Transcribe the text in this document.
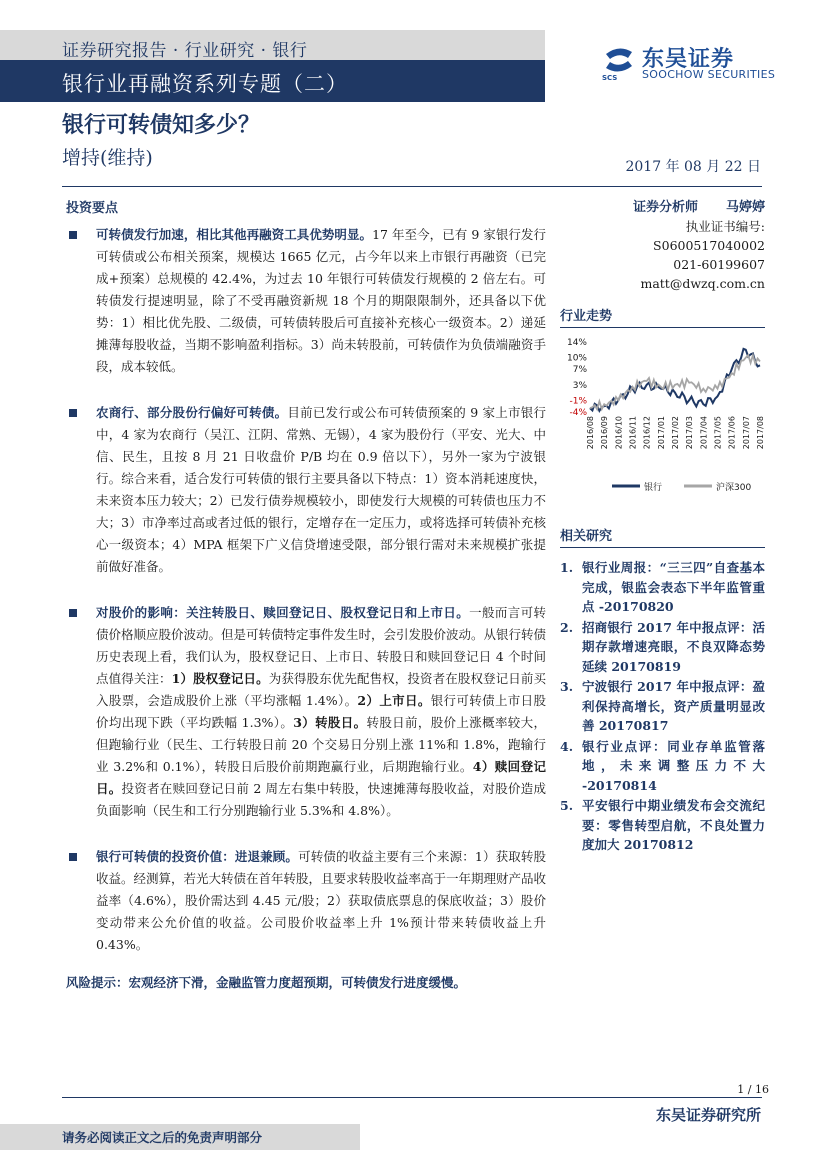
证券研究报告 · 行业研究 · 银行
银行业再融资系列专题（二）
东吴证券
SOOCHOW SECURITIES
SCS
银行可转债知多少？
增持(维持)	2017 年 08 月 22 日
投资要点
可转债发行加速，相比其他再融资工具优势明显。17 年至今，已有 9 家银行发行可转债或公布相关预案，规模达 1665 亿元，占今年以来上市银行再融资（已完成+预案）总规模的 42.4%，为过去 10 年银行可转债发行规模的 2 倍左右。可转债发行提速明显，除了不受再融资新规 18 个月的期限限制外，还具备以下优势：1）相比优先股、二级债，可转债转股后可直接补充核心一级资本。2）递延摊薄每股收益，当期不影响盈利指标。3）尚未转股前，可转债作为负债端融资手段，成本较低。
农商行、部分股份行偏好可转债。目前已发行或公布可转债预案的 9 家上市银行中，4 家为农商行（吴江、江阴、常熟、无锡），4 家为股份行（平安、光大、中信、民生，且按 8 月 21 日收盘价 P/B 均在 0.9 倍以下），另外一家为宁波银行。综合来看，适合发行可转债的银行主要具备以下特点：1）资本消耗速度快，未来资本压力较大；2）已发行债券规模较小，即使发行大规模的可转债也压力不大；3）市净率过高或者过低的银行，定增存在一定压力，或将选择可转债补充核心一级资本；4）MPA 框架下广义信贷增速受限，部分银行需对未来规模扩张提前做好准备。
对股价的影响：关注转股日、赎回登记日、股权登记日和上市日。一般而言可转债价格顺应股价波动。但是可转债特定事件发生时，会引发股价波动。从银行转债历史表现上看，我们认为，股权登记日、上市日、转股日和赎回登记日 4 个时间点值得关注：1）股权登记日。为获得股东优先配售权，投资者在股权登记日前买入股票，会造成股价上涨（平均涨幅 1.4%）。2）上市日。银行可转债上市日股价均出现下跌（平均跌幅 1.3%）。3）转股日。转股日前，股价上涨概率较大，但跑输行业（民生、工行转股日前 20 个交易日分别上涨 11%和 1.8%，跑输行业 3.2%和 0.1%），转股日后股价前期跑赢行业，后期跑输行业。4）赎回登记日。投资者在赎回登记日前 2 周左右集中转股，快速摊薄每股收益，对股价造成负面影响（民生和工行分别跑输行业 5.3%和 4.8%）。
银行可转债的投资价值：进退兼顾。可转债的收益主要有三个来源：1）获取转股收益。经测算，若光大转债在首年转股，且要求转股收益率高于一年期理财产品收益率（4.6%），股价需达到 4.45 元/股；2）获取债底票息的保底收益；3）股价变动带来公允价值的收益。公司股价收益率上升 1%预计带来转债收益上升 0.43%。
风险提示：宏观经济下滑，金融监管力度超预期，可转债发行进度缓慢。
证券分析师 马婷婷
执业证书编号:
S0600517040002
021-60199607
matt@dwzq.com.cn
行业走势
14%
10%
7%
3%
-1%
-4%
2016/08 2016/09 2016/10 2016/11 2016/12 2017/01 2017/02 2017/03 2017/04 2017/05 2017/06 2017/07 2017/08
银行	沪深300
相关研究
1. 银行业周报：“三三四”自查基本完成，银监会表态下半年监管重点 -20170820
2. 招商银行 2017 年中报点评：活期存款增速亮眼，不良双降态势延续 20170819
3. 宁波银行 2017 年中报点评：盈利保持高增长，资产质量明显改善 20170817
4. 银行业点评：同业存单监管落地，未来调整压力不大 -20170814
5. 平安银行中期业绩发布会交流纪要：零售转型启航，不良处置力度加大 20170812
1 / 16
东吴证券研究所
请务必阅读正文之后的免责声明部分
